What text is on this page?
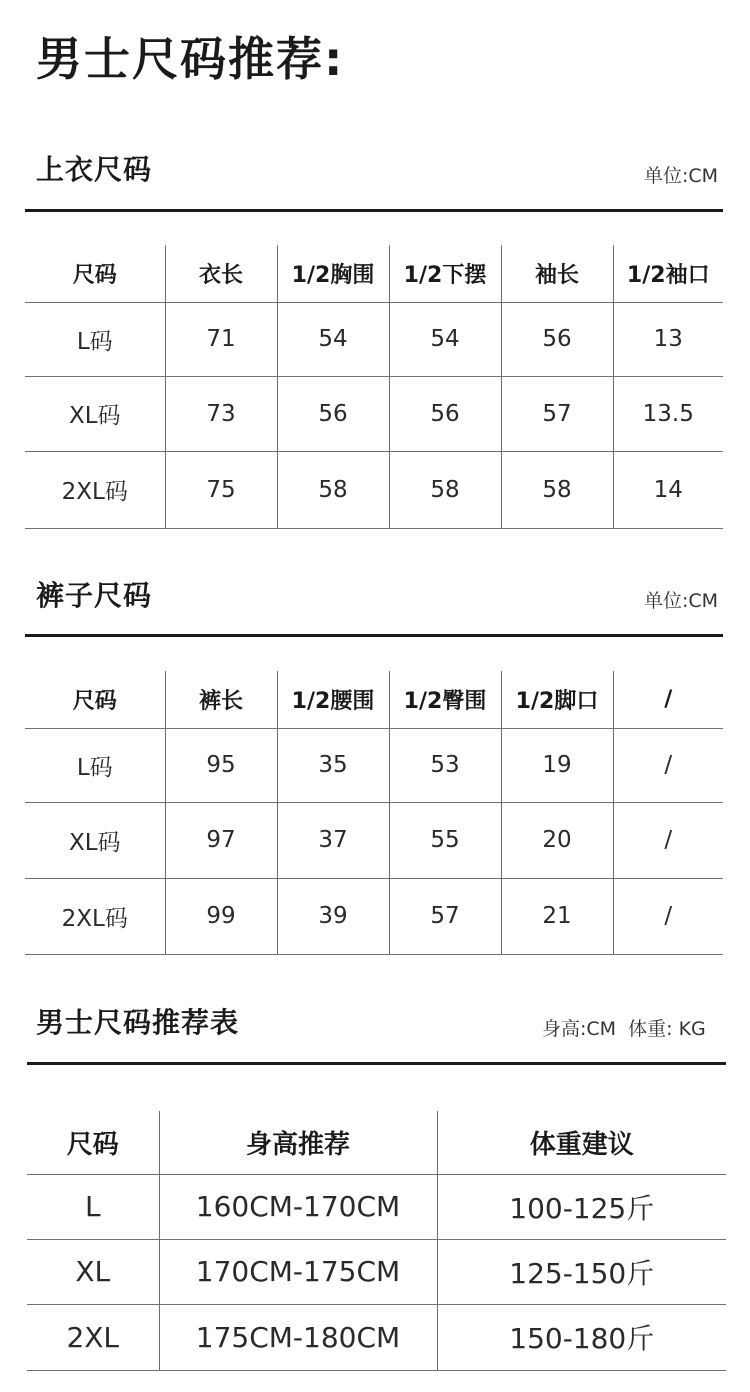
男士尺码推荐:
上衣尺码	单位:CM
尺码	衣长	1/2胸围	1/2下摆	袖长	1/2袖口
L码	71	54	54	56	13
XL码	73	56	56	57	13.5
2XL码	75	58	58	58	14
裤子尺码	单位:CM
尺码	裤长	1/2腰围	1/2臀围	1/2脚口	/
L码	95	35	53	19	/
XL码	97	37	55	20	/
2XL码	99	39	57	21	/
男士尺码推荐表	身高:CM  体重: KG
尺码	身高推荐	体重建议
L	160CM-170CM	100-125斤
XL	170CM-175CM	125-150斤
2XL	175CM-180CM	150-180斤
